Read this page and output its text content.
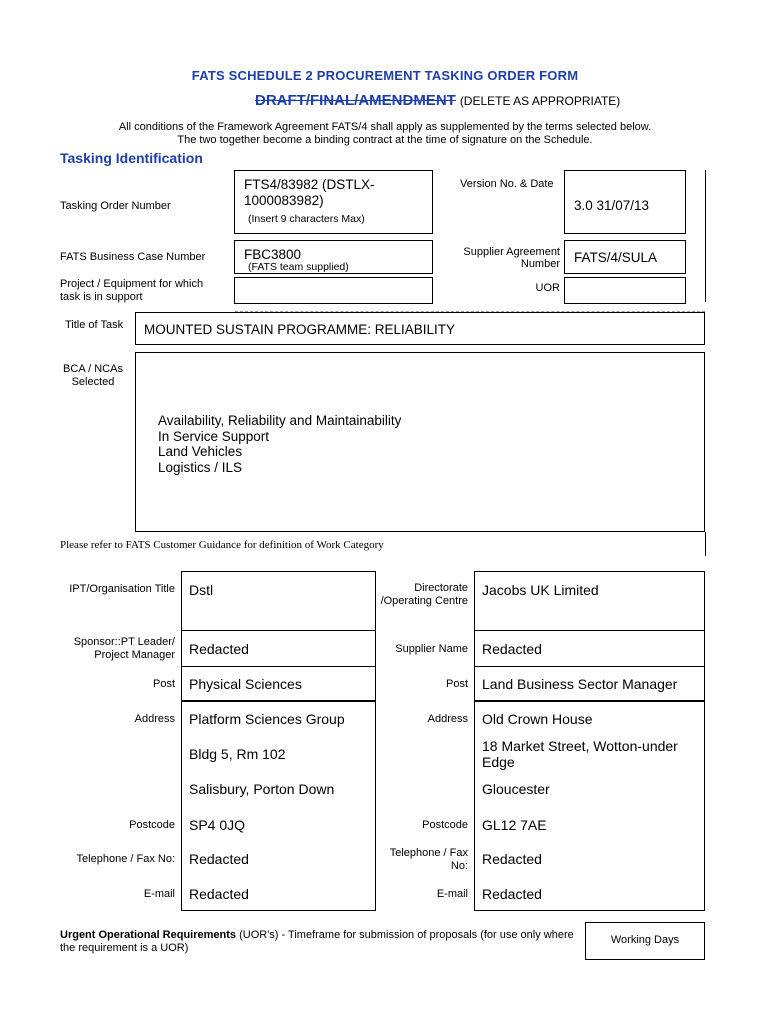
FATS SCHEDULE 2 PROCUREMENT TASKING ORDER FORM
DRAFT/FINAL/AMENDMENT (DELETE AS APPROPRIATE)
All conditions of the Framework Agreement FATS/4 shall apply as supplemented by the terms selected below.
The two together become a binding contract at the time of signature on the Schedule.
Tasking Identification
Tasking Order Number
FTS4/83982 (DSTLX-1000083982)
(Insert 9 characters Max)
Version No. & Date
3.0 31/07/13
FATS Business Case Number	FBC3800
(FATS team supplied)
Supplier Agreement Number FATS/4/SULA
Project / Equipment for which task is in support
UOR
Title of Task MOUNTED SUSTAIN PROGRAMME: RELIABILITY
BCA / NCAs Selected
Availability, Reliability and Maintainability
In Service Support
Land Vehicles
Logistics / ILS
Please refer to FATS Customer Guidance for definition of Work Category
IPT/Organisation Title Dstl
Sponsor::PT Leader/ Project Manager Redacted
Post Physical Sciences
Address Platform Sciences Group
Bldg 5, Rm 102
Salisbury, Porton Down
Postcode SP4 0JQ
Telephone / Fax No: Redacted
E-mail Redacted
Directorate /Operating Centre
Jacobs UK Limited
Supplier Name Redacted
Post Land Business Sector Manager
Address Old Crown House
18 Market Street, Wotton-under Edge
Gloucester
Postcode GL12 7AE
Telephone / Fax No: Redacted
E-mail Redacted
Urgent Operational Requirements (UOR's) - Timeframe for submission of proposals (for use only where the requirement is a UOR)
Working Days
